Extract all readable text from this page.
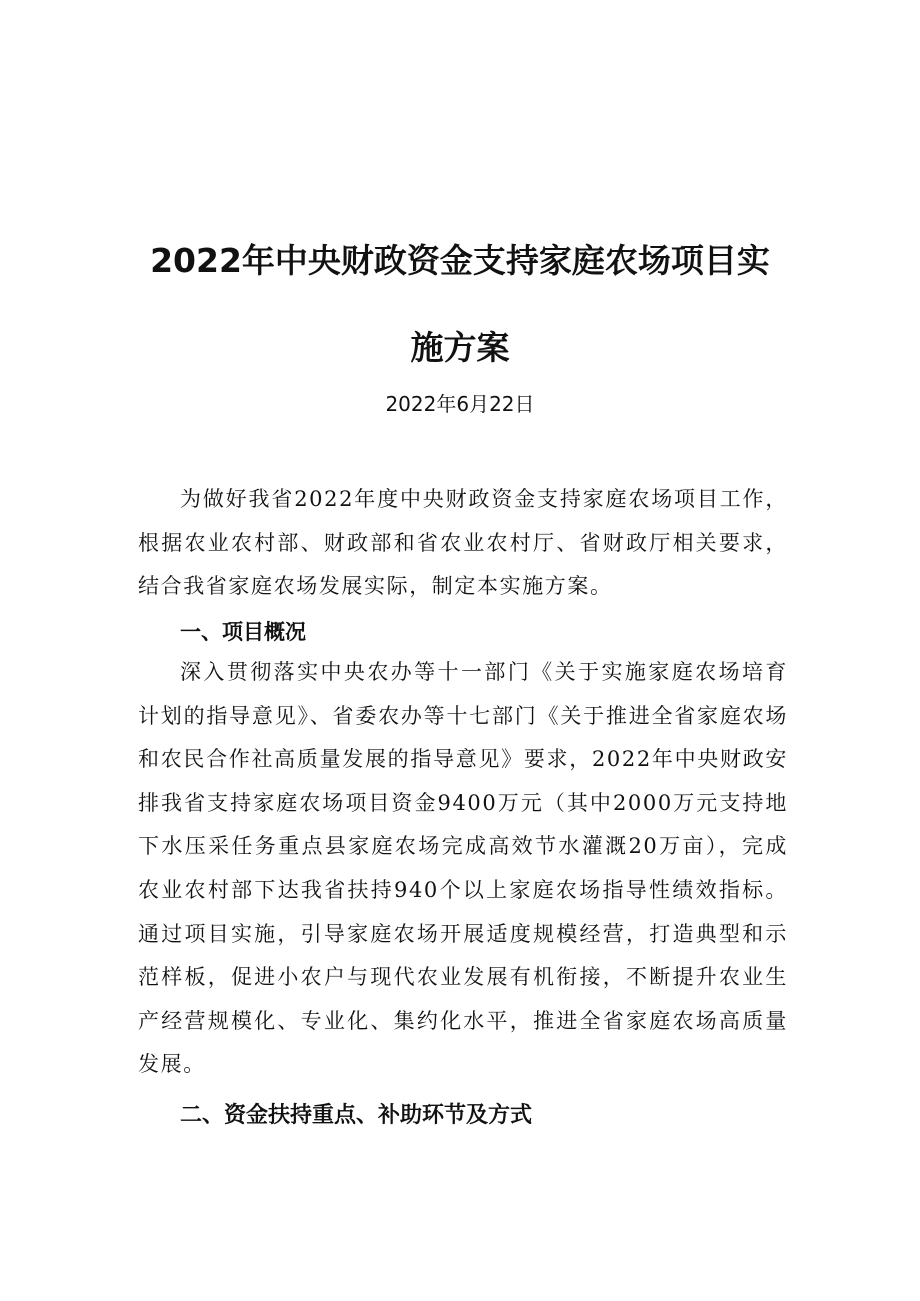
2022年中央财政资金支持家庭农场项目实
施方案
2022年6月22日

为做好我省2022年度中央财政资金支持家庭农场项目工作，根据农业农村部、财政部和省农业农村厅、省财政厅相关要求，结合我省家庭农场发展实际，制定本实施方案。

一、项目概况

深入贯彻落实中央农办等十一部门《关于实施家庭农场培育计划的指导意见》、省委农办等十七部门《关于推进全省家庭农场和农民合作社高质量发展的指导意见》要求，2022年中央财政安排我省支持家庭农场项目资金9400万元（其中2000万元支持地下水压采任务重点县家庭农场完成高效节水灌溉20万亩），完成农业农村部下达我省扶持940个以上家庭农场指导性绩效指标。通过项目实施，引导家庭农场开展适度规模经营，打造典型和示范样板，促进小农户与现代农业发展有机衔接，不断提升农业生产经营规模化、专业化、集约化水平，推进全省家庭农场高质量发展。

二、资金扶持重点、补助环节及方式
